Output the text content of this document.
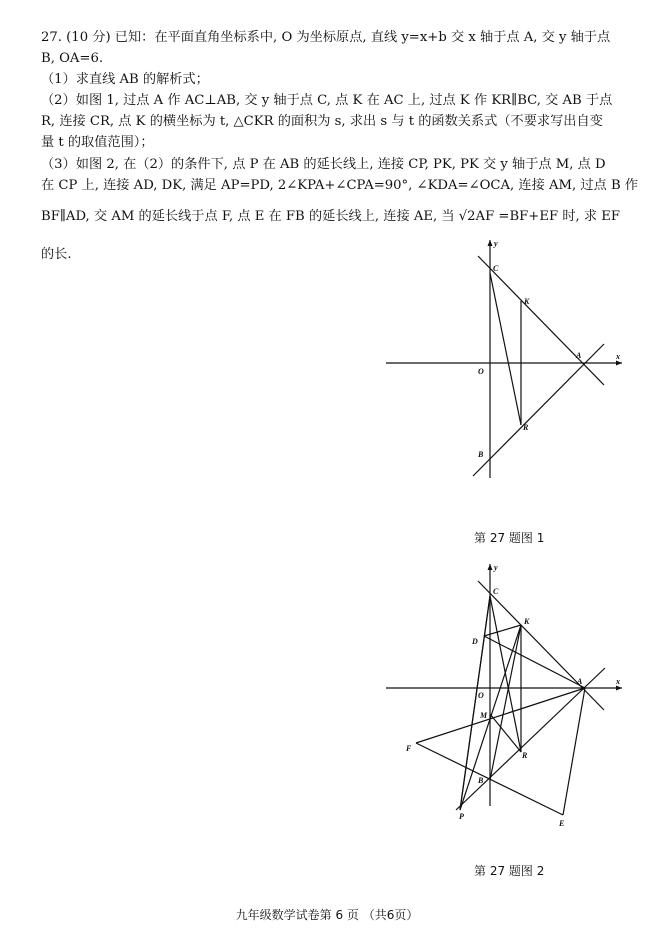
27. (10 分) 已知：在平面直角坐标系中, O 为坐标原点, 直线 y=x+b 交 x 轴于点 A, 交 y 轴于点
B, OA=6.
（1）求直线 AB 的解析式；
（2）如图 1, 过点 A 作 AC⊥AB, 交 y 轴于点 C, 点 K 在 AC 上, 过点 K 作 KR∥BC, 交 AB 于点
R, 连接 CR, 点 K 的横坐标为 t, △CKR 的面积为 s, 求出 s 与 t 的函数关系式（不要求写出自变
量 t 的取值范围）；
（3）如图 2, 在（2）的条件下, 点 P 在 AB 的延长线上, 连接 CP, PK, PK 交 y 轴于点 M, 点 D
在 CP 上, 连接 AD, DK, 满足 AP=PD, 2∠KPA+∠CPA=90°, ∠KDA=∠OCA, 连接 AM, 过点 B 作
BF∥AD, 交 AM 的延长线于点 F, 点 E 在 FB 的延长线上, 连接 AE, 当 √2AF =BF+EF 时, 求 EF
的长.
x
y
O
A
B
C
K
R
第 27 题图 1
x
y
O
A
B
C
K
R
D
M
F
P
E
第 27 题图 2
九年级数学试卷第 6 页 （共6页）
